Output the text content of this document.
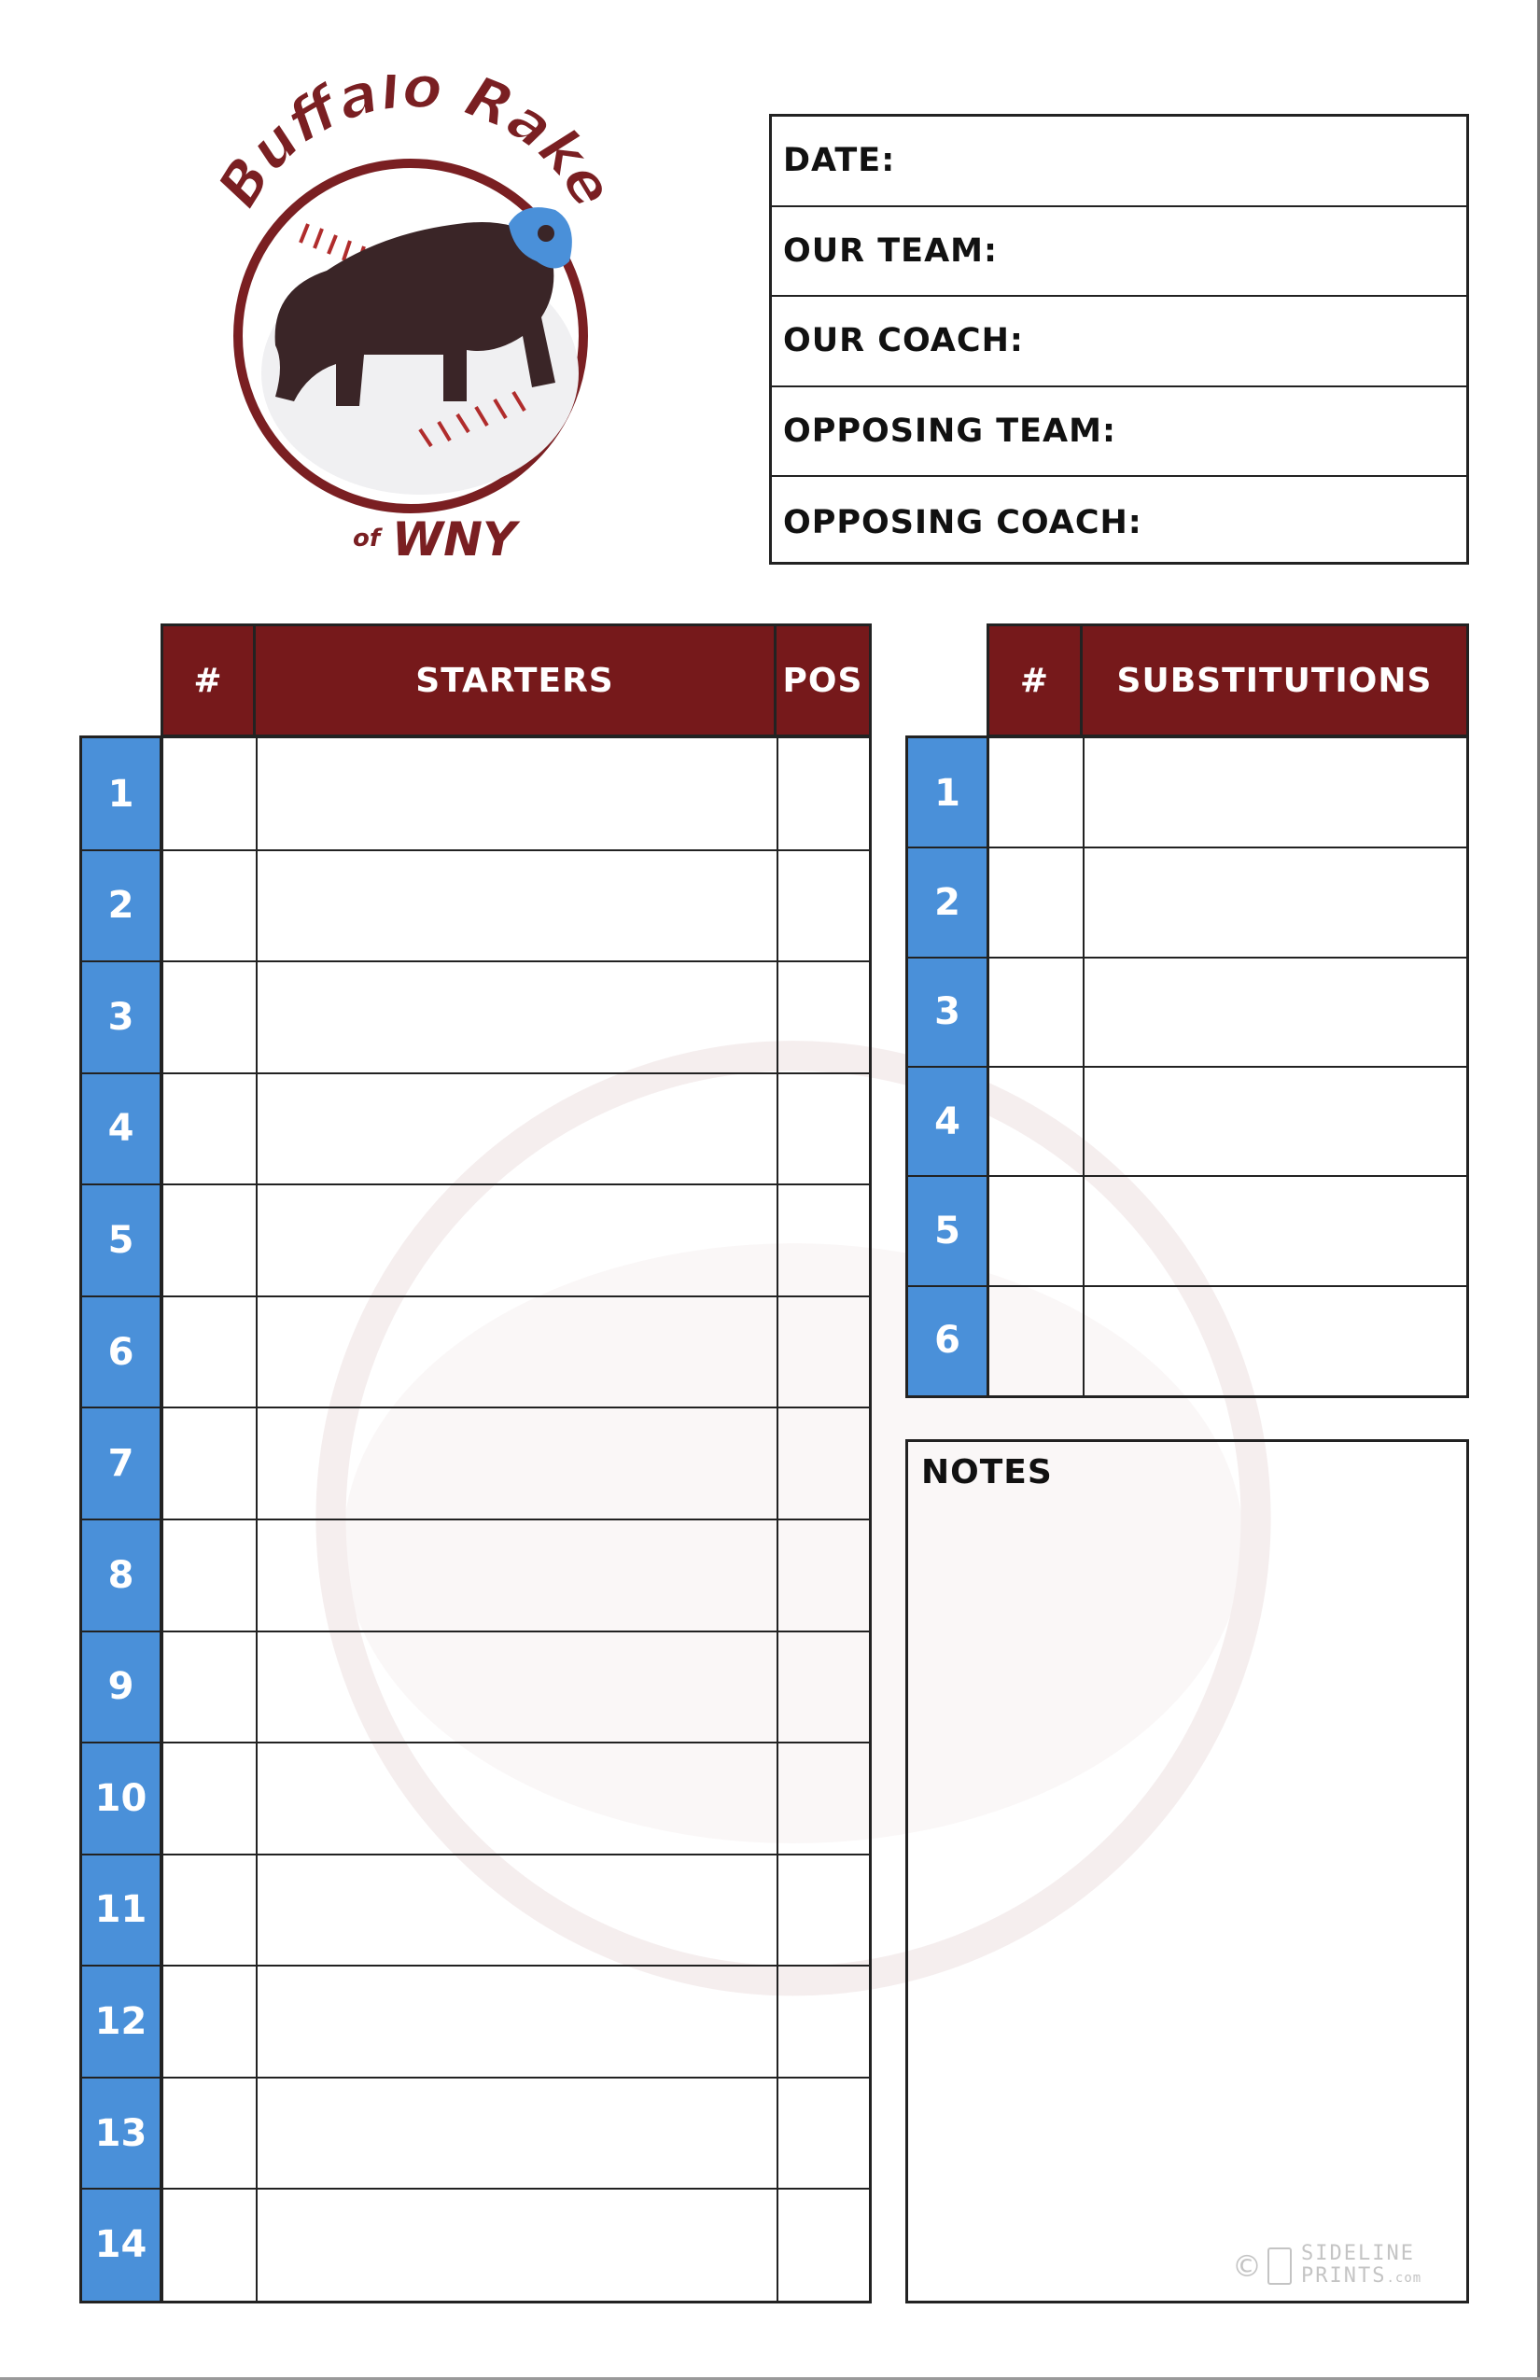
Buffalo Rake
of WNY
DATE:
OUR TEAM:
OUR COACH:
OPPOSING TEAM:
OPPOSING COACH:
#	STARTERS	POS
1
2
3
4
5
6
7
8
9
10
11
12
13
14
#	SUBSTITUTIONS
1
2
3
4
5
6
NOTES
© SIDELINE
PRINTS.com
